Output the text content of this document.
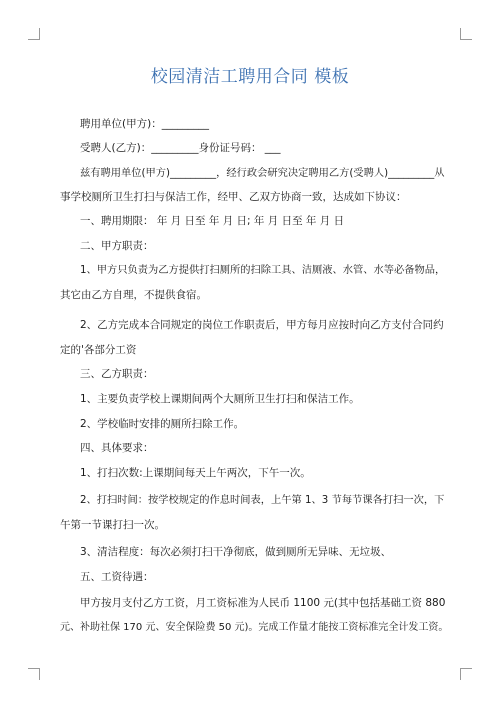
校园清洁工聘用合同 模板
聘用单位(甲方)：_________
受聘人(乙方)：_________身份证号码： ___
兹有聘用单位(甲方)_________，经行政会研究决定聘用乙方(受聘人)_________从
事学校厕所卫生打扫与保洁工作，经甲、乙双方协商一致，达成如下协议：
一、聘用期限： 年 月 日至 年 月 日; 年 月 日至 年 月 日
二、甲方职责：
1、甲方只负责为乙方提供打扫厕所的扫除工具、洁厕液、水管、水等必备物品，
其它由乙方自理，不提供食宿。
2、乙方完成本合同规定的岗位工作职责后，甲方每月应按时向乙方支付合同约
定的'各部分工资
三、乙方职责：
1、主要负责学校上课期间两个大厕所卫生打扫和保洁工作。
2、学校临时安排的厕所扫除工作。
四、具体要求：
1、打扫次数:上课期间每天上午两次，下午一次。
2、打扫时间：按学校规定的作息时间表，上午第 1、3 节每节课各打扫一次，下
午第一节课打扫一次。
3、清洁程度：每次必须打扫干净彻底，做到厕所无异味、无垃圾、
五、工资待遇：
甲方按月支付乙方工资，月工资标准为人民币 1100 元(其中包括基础工资 880
元、补助社保 170 元、安全保险费 50 元)。完成工作量才能按工资标准完全计发工资。
